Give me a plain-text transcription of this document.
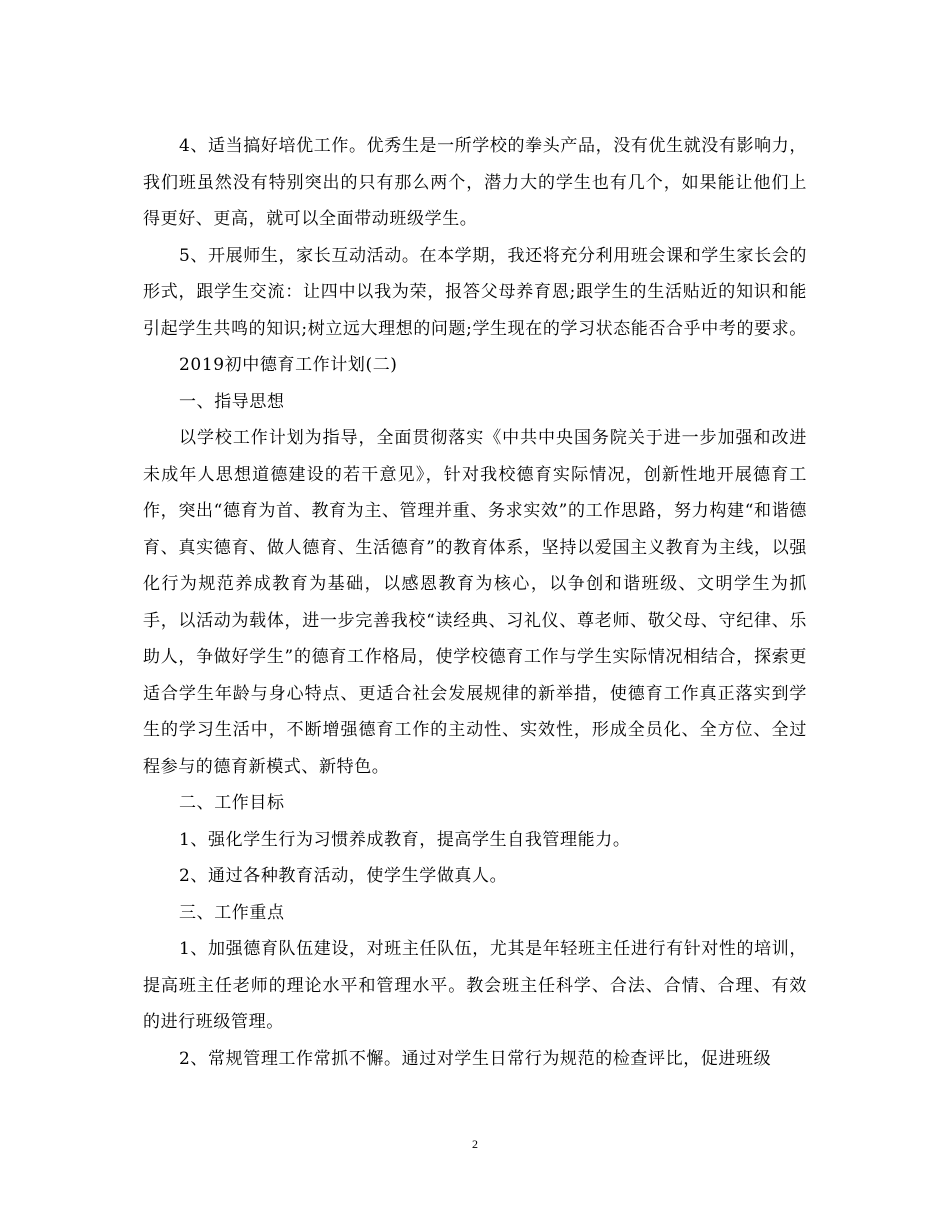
4、适当搞好培优工作。优秀生是一所学校的拳头产品，没有优生就没有影响力，我们班虽然没有特别突出的只有那么两个，潜力大的学生也有几个，如果能让他们上得更好、更高，就可以全面带动班级学生。

5、开展师生，家长互动活动。在本学期，我还将充分利用班会课和学生家长会的形式，跟学生交流：让四中以我为荣，报答父母养育恩;跟学生的生活贴近的知识和能引起学生共鸣的知识;树立远大理想的问题;学生现在的学习状态能否合乎中考的要求。

2019初中德育工作计划(二)

一、指导思想

以学校工作计划为指导，全面贯彻落实《中共中央国务院关于进一步加强和改进未成年人思想道德建设的若干意见》，针对我校德育实际情况，创新性地开展德育工作，突出“德育为首、教育为主、管理并重、务求实效”的工作思路，努力构建“和谐德育、真实德育、做人德育、生活德育”的教育体系，坚持以爱国主义教育为主线，以强化行为规范养成教育为基础，以感恩教育为核心，以争创和谐班级、文明学生为抓手，以活动为载体，进一步完善我校“读经典、习礼仪、尊老师、敬父母、守纪律、乐助人，争做好学生”的德育工作格局，使学校德育工作与学生实际情况相结合，探索更适合学生年龄与身心特点、更适合社会发展规律的新举措，使德育工作真正落实到学生的学习生活中，不断增强德育工作的主动性、实效性，形成全员化、全方位、全过程参与的德育新模式、新特色。

二、工作目标

1、强化学生行为习惯养成教育，提高学生自我管理能力。

2、通过各种教育活动，使学生学做真人。

三、工作重点

1、加强德育队伍建设，对班主任队伍，尤其是年轻班主任进行有针对性的培训，提高班主任老师的理论水平和管理水平。教会班主任科学、合法、合情、合理、有效的进行班级管理。

2、常规管理工作常抓不懈。通过对学生日常行为规范的检查评比，促进班级

2
